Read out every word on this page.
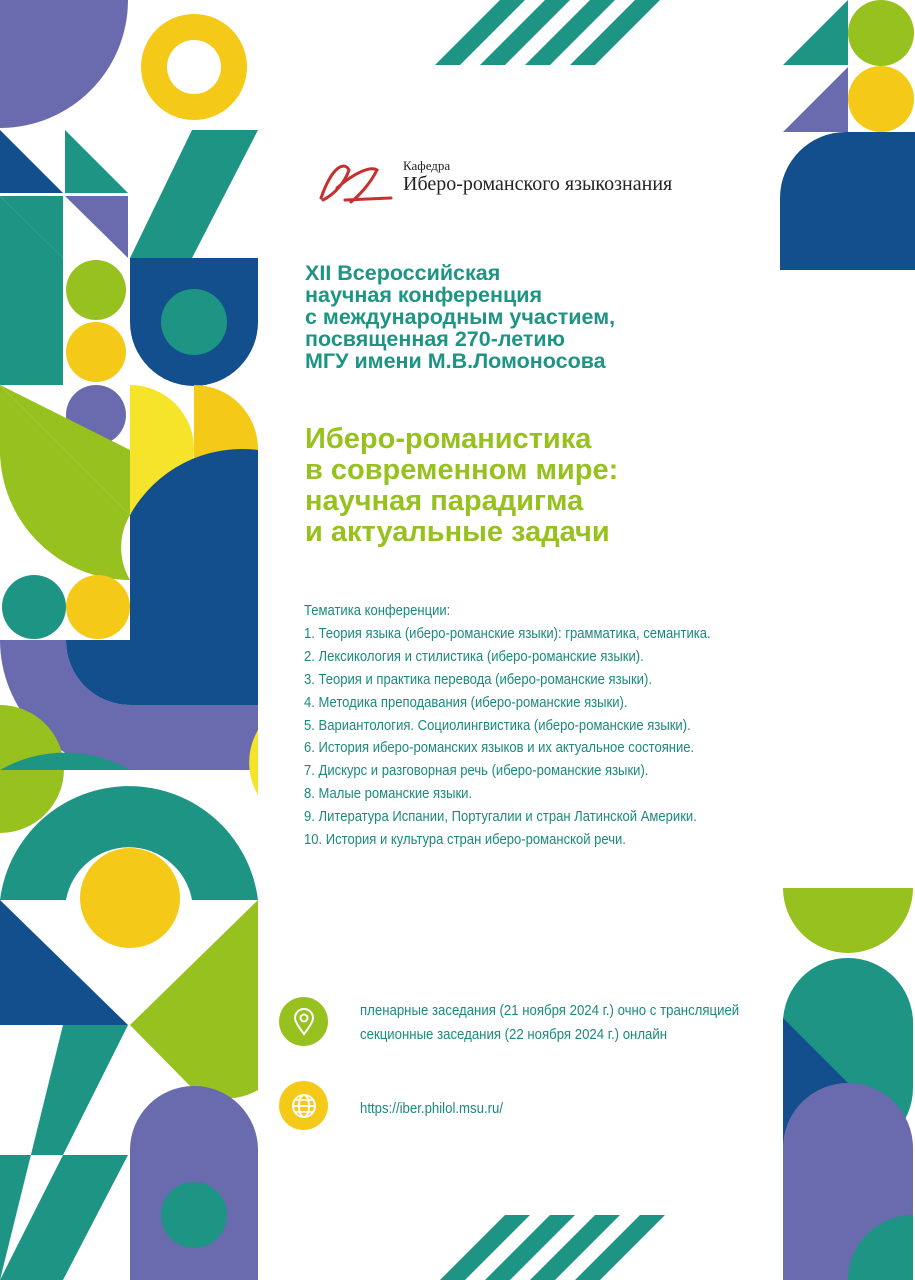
Кафедра
Иберо-романского языкознания
XII Всероссийская
научная конференция
с международным участием,
посвященная 270-летию
МГУ имени М.В.Ломоносова
Иберо-романистика
в современном мире:
научная парадигма
и актуальные задачи
Тематика конференции:
1. Теория языка (иберо-романские языки): грамматика, семантика.
2. Лексикология и стилистика (иберо-романские языки).
3. Теория и практика перевода (иберо-романские языки).
4. Методика преподавания (иберо-романские языки).
5. Вариантология. Социолингвистика (иберо-романские языки).
6. История иберо-романских языков и их актуальное состояние.
7. Дискурс и разговорная речь (иберо-романские языки).
8. Малые романские языки.
9. Литература Испании, Португалии и стран Латинской Америки.
10. История и культура стран иберо-романской речи.
пленарные заседания (21 ноября 2024 г.) очно с трансляцией
секционные заседания (22 ноября 2024 г.) онлайн
https://iber.philol.msu.ru/
